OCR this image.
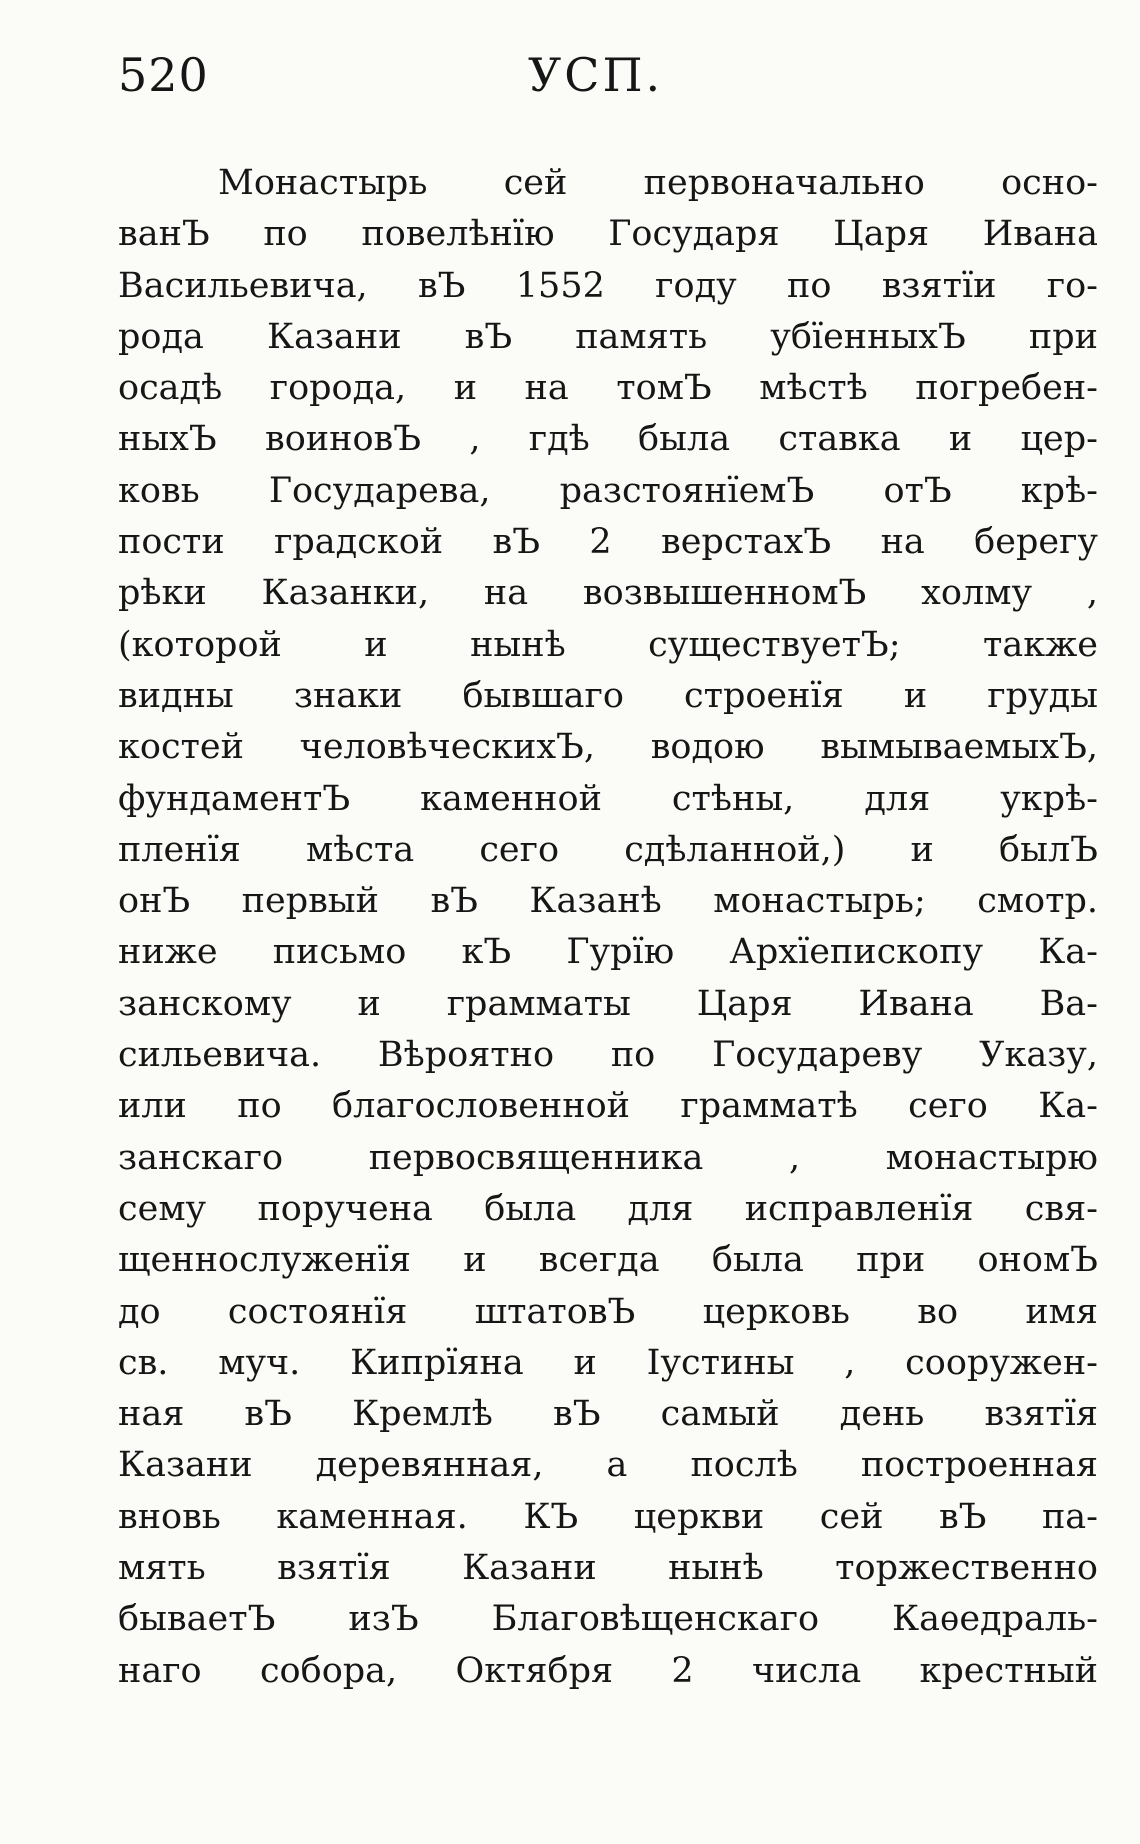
520	УСП.
Монастырь сей первоначально осно-
ванЪ по повелѣнїю Государя Царя Ивана
Васильевича, вЪ 1552 году по взятїи го-
рода Казани вЪ память убїенныхЪ при
осадѣ города, и на томЪ мѣстѣ погребен-
ныхЪ воиновЪ , гдѣ была ставка и цер-
ковь Государева, разстоянїемЪ отЪ крѣ-
пости градской вЪ 2 верстахЪ на берегу
рѣки Казанки, на возвышенномЪ холму ,
(которой и нынѣ существуетЪ; такжe
видны знаки бывшаго строенїя и груды
костей человѣческихЪ, водою вымываемыхЪ,
фундаментЪ каменной стѣны, для укрѣ-
пленїя мѣста сего сдѣланной,) и былЪ
онЪ первый вЪ Казанѣ монастырь; смотр.
ниже письмо кЪ Гурїю Архїепископу Ка-
занскому и грамматы Царя Ивана Ва-
сильевича. Вѣроятно по Государеву Указу,
или по благословенной грамматѣ сего Ка-
занскаго первосвященника , монастырю
сему поручена была для исправленїя свя-
щеннослуженїя и всегда была при ономЪ
до состоянїя штатовЪ церковь во имя
св. муч. Кипрїяна и Іустины , сооружен-
ная вЪ Кремлѣ вЪ самый день взятїя
Казани деревянная, а послѣ построенная
вновь каменная. КЪ церкви сей вЪ па-
мять взятїя Казани нынѣ торжественно
бываетЪ изЪ Благовѣщенскаго Каѳедраль-
наго собора, Октября 2 числа крестный
